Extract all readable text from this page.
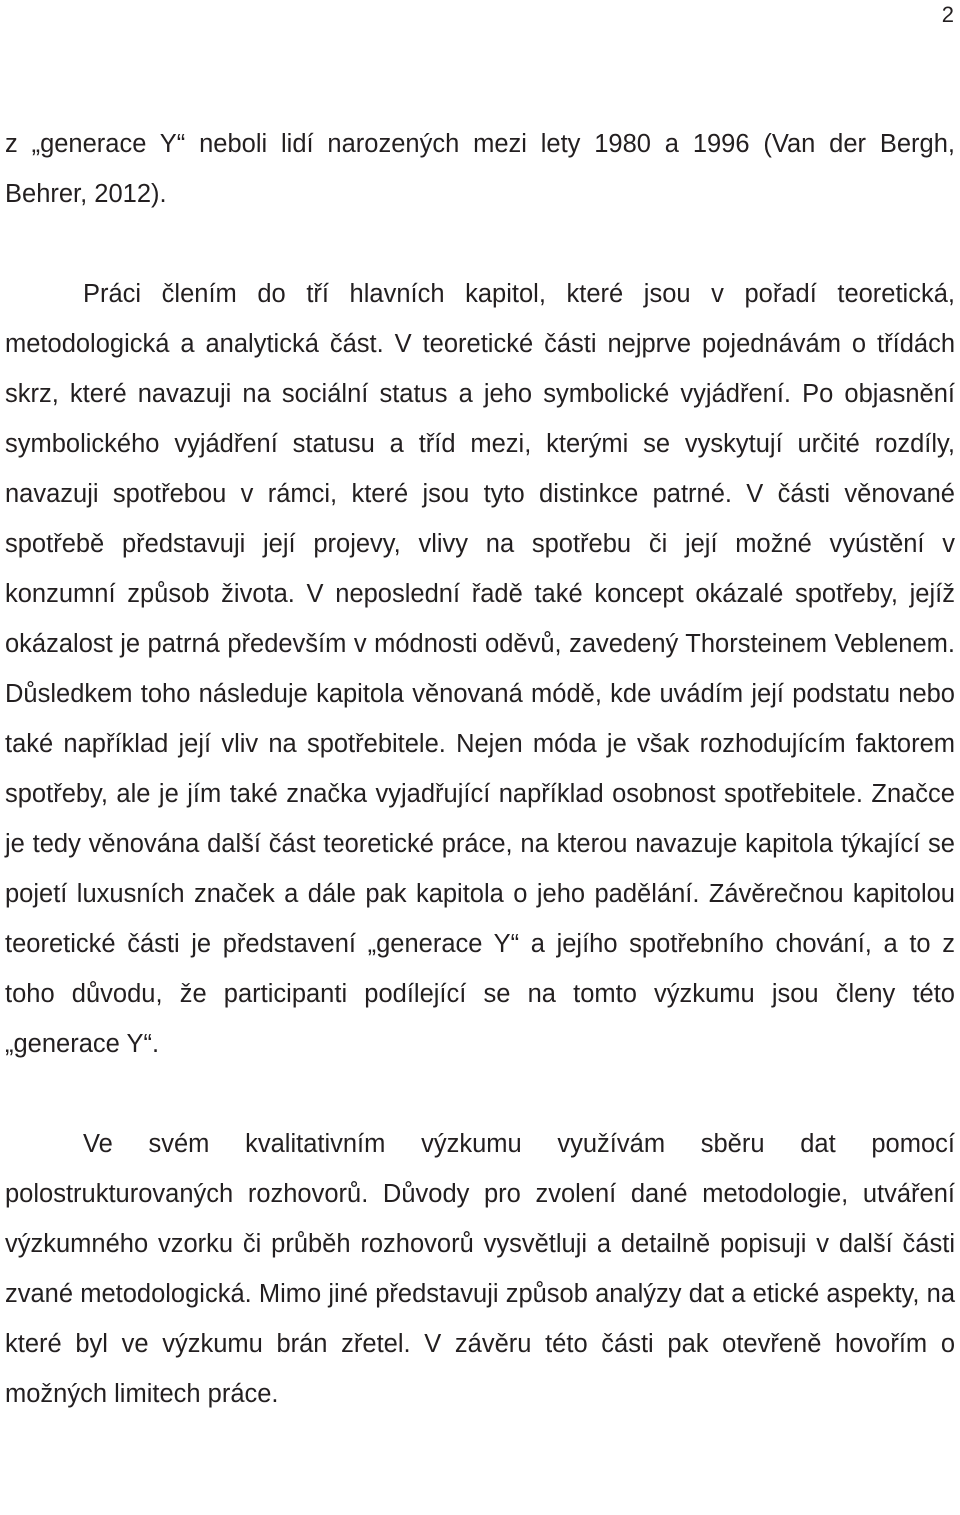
2

z „generace Y“ neboli lidí narozených mezi lety 1980 a 1996 (Van der Bergh, Behrer, 2012).

Práci člením do tří hlavních kapitol, které jsou v pořadí teoretická, metodologická a analytická část. V teoretické části nejprve pojednávám o třídách skrz, které navazuji na sociální status a jeho symbolické vyjádření. Po objasnění symbolického vyjádření statusu a tříd mezi, kterými se vyskytují určité rozdíly, navazuji spotřebou v rámci, které jsou tyto distinkce patrné. V části věnované spotřebě představuji její projevy, vlivy na spotřebu či její možné vyústění v konzumní způsob života. V neposlední řadě také koncept okázalé spotřeby, jejíž okázalost je patrná především v módnosti oděvů, zavedený Thorsteinem Veblenem. Důsledkem toho následuje kapitola věnovaná módě, kde uvádím její podstatu nebo také například její vliv na spotřebitele. Nejen móda je však rozhodujícím faktorem spotřeby, ale je jím také značka vyjadřující například osobnost spotřebitele. Značce je tedy věnována další část teoretické práce, na kterou navazuje kapitola týkající se pojetí luxusních značek a dále pak kapitola o jeho padělání. Závěrečnou kapitolou teoretické části je představení „generace Y“ a jejího spotřebního chování, a to z toho důvodu, že participanti podílející se na tomto výzkumu jsou členy této „generace Y“.

Ve svém kvalitativním výzkumu využívám sběru dat pomocí polostrukturovaných rozhovorů. Důvody pro zvolení dané metodologie, utváření výzkumného vzorku či průběh rozhovorů vysvětluji a detailně popisuji v další části zvané metodologická. Mimo jiné představuji způsob analýzy dat a etické aspekty, na které byl ve výzkumu brán zřetel. V závěru této části pak otevřeně hovořím o možných limitech práce.
